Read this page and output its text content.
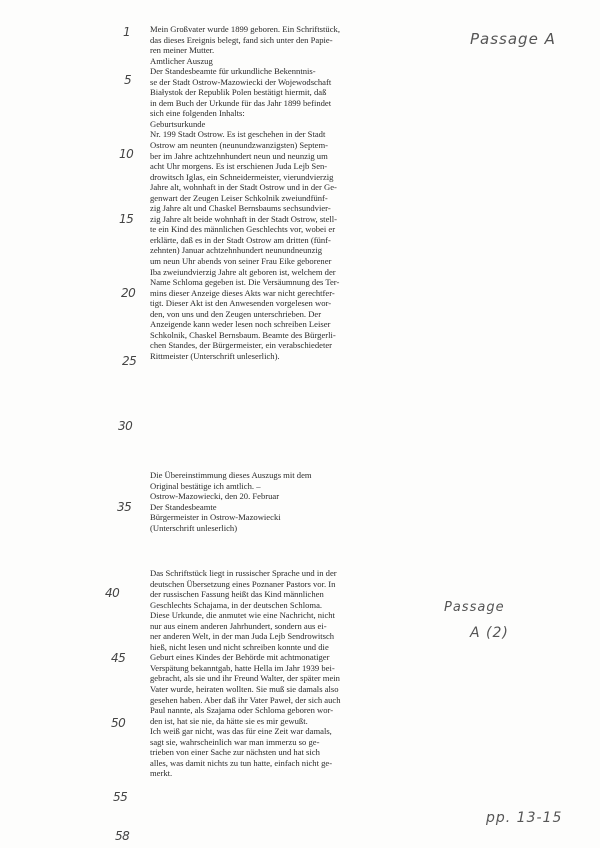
1
5
10
15
20
25
30
35
40
45
50
55
58
Passage A
Passage
A (2)
pp. 13-15
Mein Großvater wurde 1899 geboren. Ein Schriftstück,
das dieses Ereignis belegt, fand sich unter den Papie-
ren meiner Mutter.
Amtlicher Auszug
Der Standesbeamte für urkundliche Bekenntnis-
se der Stadt Ostrow-Mazowiecki der Wojewodschaft
Białystok der Republik Polen bestätigt hiermit, daß
in dem Buch der Urkunde für das Jahr 1899 befindet
sich eine folgenden Inhalts:
Geburtsurkunde
Nr. 199 Stadt Ostrow. Es ist geschehen in der Stadt
Ostrow am neunten (neunundzwanzigsten) Septem-
ber im Jahre achtzehnhundert neun und neunzig um
acht Uhr morgens. Es ist erschienen Juda Lejb Sen-
drowitsch Iglas, ein Schneidermeister, vierundvierzig
Jahre alt, wohnhaft in der Stadt Ostrow und in der Ge-
genwart der Zeugen Leiser Schkolnik zweiundfünf-
zig Jahre alt und Chaskel Bernsbaums sechsundvier-
zig Jahre alt beide wohnhaft in der Stadt Ostrow, stell-
te ein Kind des männlichen Geschlechts vor, wobei er
erklärte, daß es in der Stadt Ostrow am dritten (fünf-
zehnten) Januar achtzehnhundert neunundneunzig
um neun Uhr abends von seiner Frau Eike geborener
Iba zweiundvierzig Jahre alt geboren ist, welchem der
Name Schloma gegeben ist. Die Versäumnung des Ter-
mins dieser Anzeige dieses Akts war nicht gerechtfer-
tigt. Dieser Akt ist den Anwesenden vorgelesen wor-
den, von uns und den Zeugen unterschrieben. Der
Anzeigende kann weder lesen noch schreiben Leiser
Schkolnik, Chaskel Bernsbaum. Beamte des Bürgerli-
chen Standes, der Bürgermeister, ein verabschiedeter
Rittmeister (Unterschrift unleserlich).
Die Übereinstimmung dieses Auszugs mit dem
Original bestätige ich amtlich. –
Ostrow-Mazowiecki, den 20. Februar
Der Standesbeamte
Bürgermeister in Ostrow-Mazowiecki
(Unterschrift unleserlich)
Das Schriftstück liegt in russischer Sprache und in der
deutschen Übersetzung eines Poznaner Pastors vor. In
der russischen Fassung heißt das Kind männlichen
Geschlechts Schajama, in der deutschen Schloma.
Diese Urkunde, die anmutet wie eine Nachricht, nicht
nur aus einem anderen Jahrhundert, sondern aus ei-
ner anderen Welt, in der man Juda Lejb Sendrowitsch
hieß, nicht lesen und nicht schreiben konnte und die
Geburt eines Kindes der Behörde mit achtmonatiger
Verspätung bekanntgab, hatte Hella im Jahr 1939 bei-
gebracht, als sie und ihr Freund Walter, der später mein
Vater wurde, heiraten wollten. Sie muß sie damals also
gesehen haben. Aber daß ihr Vater Paweł, der sich auch
Paul nannte, als Szajama oder Schloma geboren wor-
den ist, hat sie nie, da hätte sie es mir gewußt.
Ich weiß gar nicht, was das für eine Zeit war damals,
sagt sie, wahrscheinlich war man immerzu so ge-
trieben von einer Sache zur nächsten und hat sich
alles, was damit nichts zu tun hatte, einfach nicht ge-
merkt.
